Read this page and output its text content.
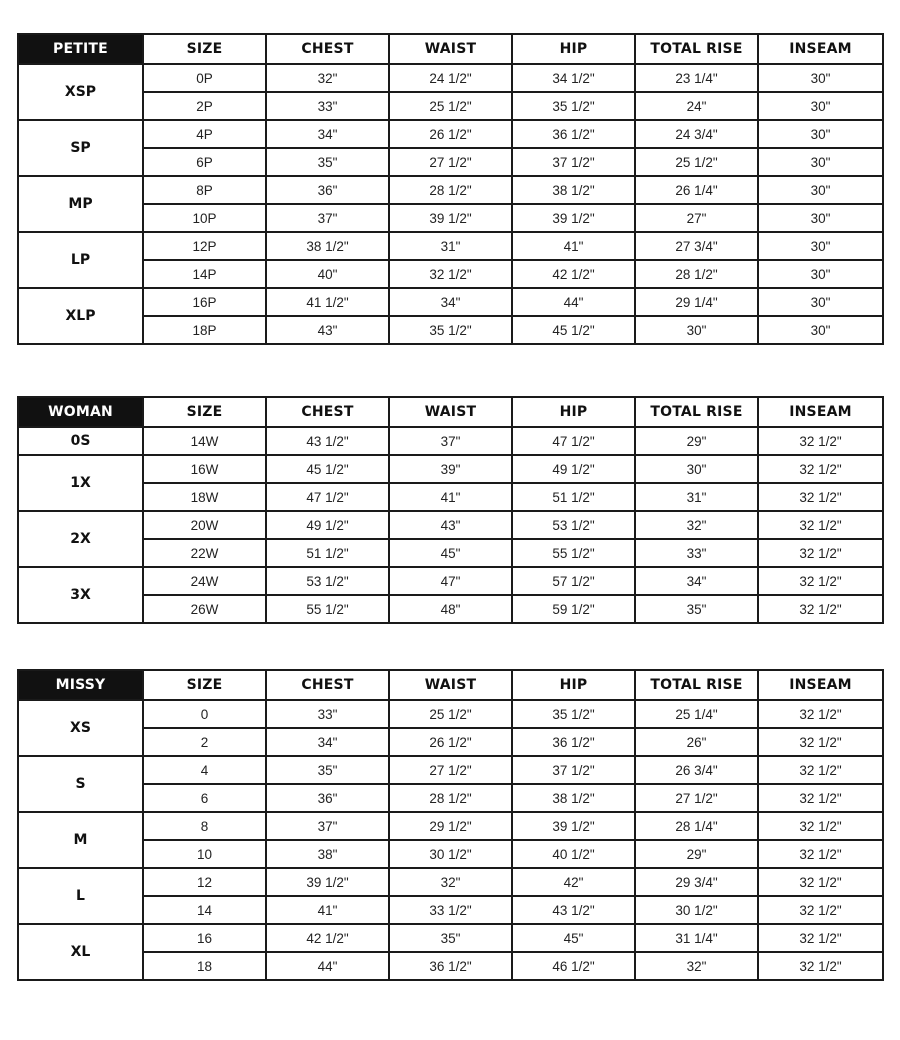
PETITE	SIZE	CHEST	WAIST	HIP	TOTAL RISE	INSEAM
XSP	0P	32"	24 1/2"	34 1/2"	23 1/4"	30"
	2P	33"	25 1/2"	35 1/2"	24"	30"
SP	4P	34"	26 1/2"	36 1/2"	24 3/4"	30"
	6P	35"	27 1/2"	37 1/2"	25 1/2"	30"
MP	8P	36"	28 1/2"	38 1/2"	26 1/4"	30"
	10P	37"	39 1/2"	39 1/2"	27"	30"
LP	12P	38 1/2"	31"	41"	27 3/4"	30"
	14P	40"	32 1/2"	42 1/2"	28 1/2"	30"
XLP	16P	41 1/2"	34"	44"	29 1/4"	30"
	18P	43"	35 1/2"	45 1/2"	30"	30"
WOMAN	SIZE	CHEST	WAIST	HIP	TOTAL RISE	INSEAM
0S	14W	43 1/2"	37"	47 1/2"	29"	32 1/2"
1X	16W	45 1/2"	39"	49 1/2"	30"	32 1/2"
	18W	47 1/2"	41"	51 1/2"	31"	32 1/2"
2X	20W	49 1/2"	43"	53 1/2"	32"	32 1/2"
	22W	51 1/2"	45"	55 1/2"	33"	32 1/2"
3X	24W	53 1/2"	47"	57 1/2"	34"	32 1/2"
	26W	55 1/2"	48"	59 1/2"	35"	32 1/2"
MISSY	SIZE	CHEST	WAIST	HIP	TOTAL RISE	INSEAM
XS	0	33"	25 1/2"	35 1/2"	25 1/4"	32 1/2"
	2	34"	26 1/2"	36 1/2"	26"	32 1/2"
S	4	35"	27 1/2"	37 1/2"	26 3/4"	32 1/2"
	6	36"	28 1/2"	38 1/2"	27 1/2"	32 1/2"
M	8	37"	29 1/2"	39 1/2"	28 1/4"	32 1/2"
	10	38"	30 1/2"	40 1/2"	29"	32 1/2"
L	12	39 1/2"	32"	42"	29 3/4"	32 1/2"
	14	41"	33 1/2"	43 1/2"	30 1/2"	32 1/2"
XL	16	42 1/2"	35"	45"	31 1/4"	32 1/2"
	18	44"	36 1/2"	46 1/2"	32"	32 1/2"
